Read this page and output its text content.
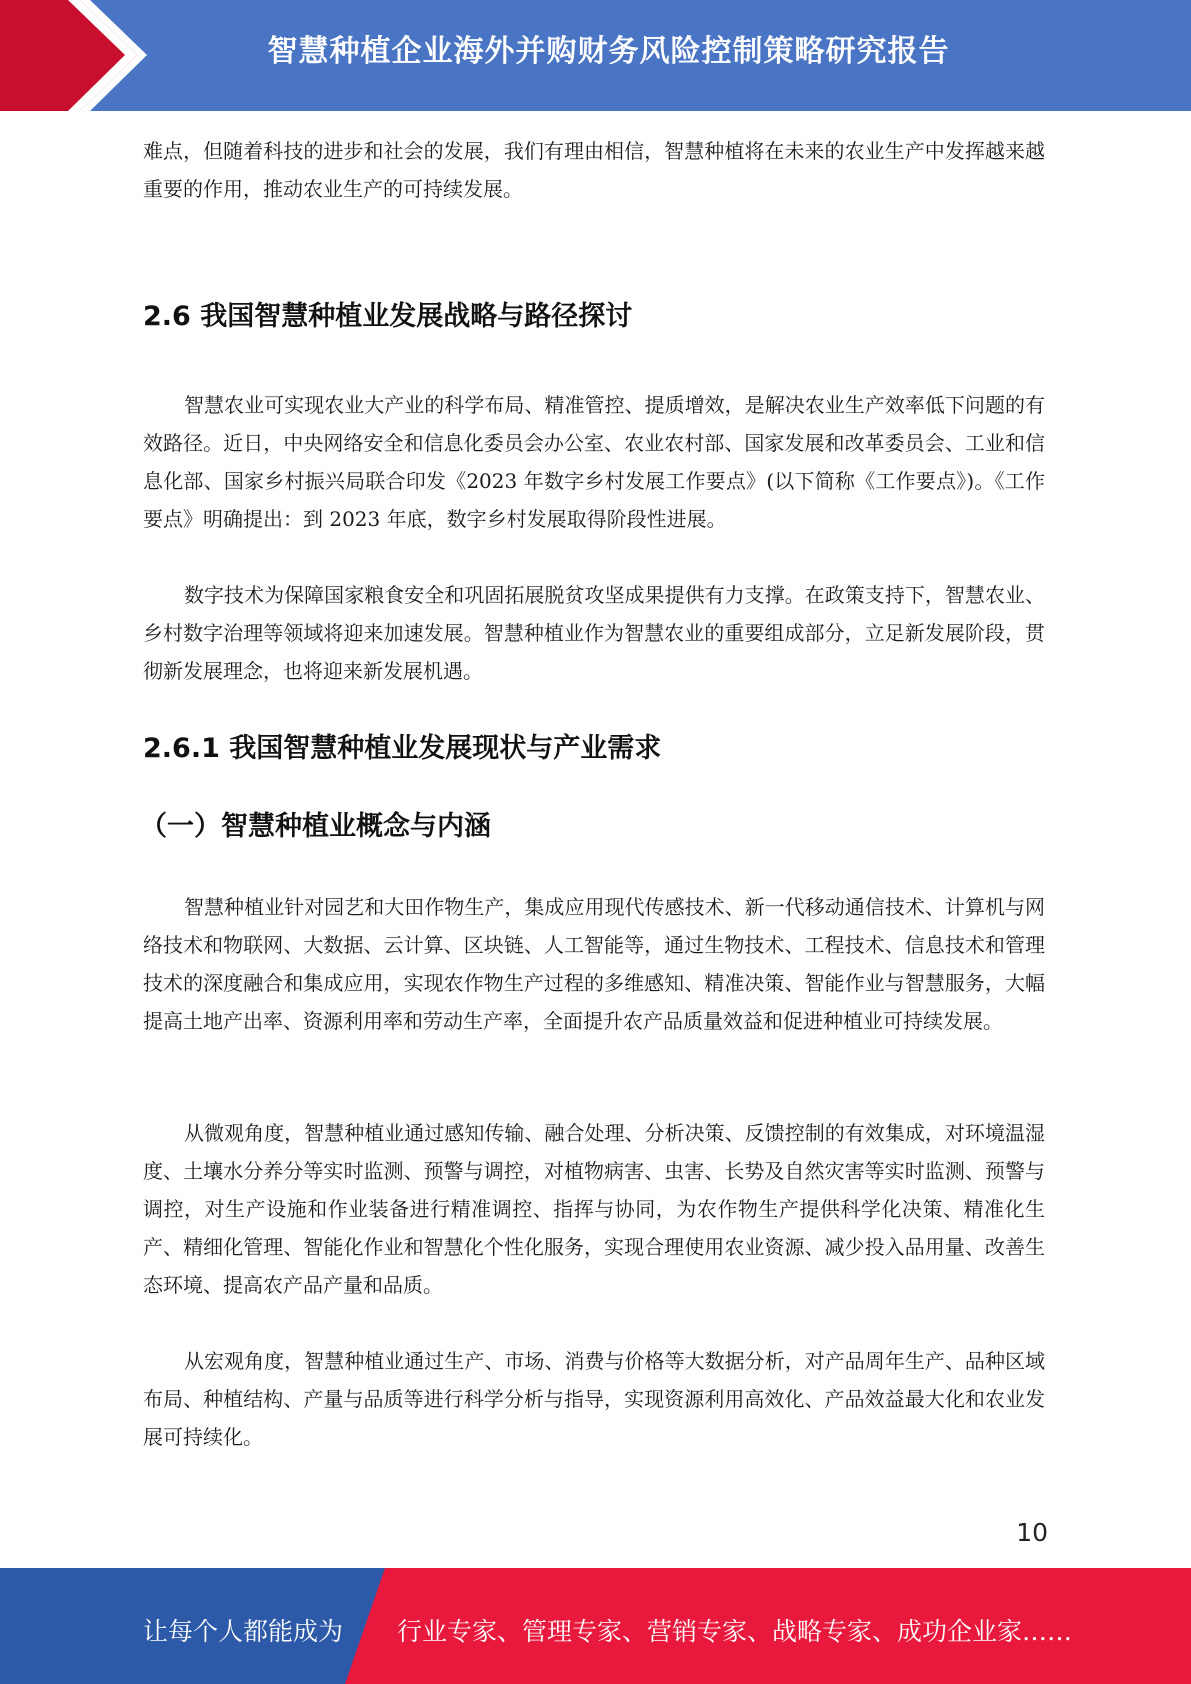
智慧种植企业海外并购财务风险控制策略研究报告

难点，但随着科技的进步和社会的发展，我们有理由相信，智慧种植将在未来的农业生产中发挥越来越重要的作用，推动农业生产的可持续发展。

2.6 我国智慧种植业发展战略与路径探讨

智慧农业可实现农业大产业的科学布局、精准管控、提质增效，是解决农业生产效率低下问题的有效路径。近日，中央网络安全和信息化委员会办公室、农业农村部、国家发展和改革委员会、工业和信息化部、国家乡村振兴局联合印发《2023 年数字乡村发展工作要点》(以下简称《工作要点》)。《工作要点》明确提出：到 2023 年底，数字乡村发展取得阶段性进展。

数字技术为保障国家粮食安全和巩固拓展脱贫攻坚成果提供有力支撑。在政策支持下，智慧农业、乡村数字治理等领域将迎来加速发展。智慧种植业作为智慧农业的重要组成部分，立足新发展阶段，贯彻新发展理念，也将迎来新发展机遇。

2.6.1 我国智慧种植业发展现状与产业需求
（一）智慧种植业概念与内涵

智慧种植业针对园艺和大田作物生产，集成应用现代传感技术、新一代移动通信技术、计算机与网络技术和物联网、大数据、云计算、区块链、人工智能等，通过生物技术、工程技术、信息技术和管理技术的深度融合和集成应用，实现农作物生产过程的多维感知、精准决策、智能作业与智慧服务，大幅提高土地产出率、资源利用率和劳动生产率，全面提升农产品质量效益和促进种植业可持续发展。

从微观角度，智慧种植业通过感知传输、融合处理、分析决策、反馈控制的有效集成，对环境温湿度、土壤水分养分等实时监测、预警与调控，对植物病害、虫害、长势及自然灾害等实时监测、预警与调控，对生产设施和作业装备进行精准调控、指挥与协同，为农作物生产提供科学化决策、精准化生产、精细化管理、智能化作业和智慧化个性化服务，实现合理使用农业资源、减少投入品用量、改善生态环境、提高农产品产量和品质。

从宏观角度，智慧种植业通过生产、市场、消费与价格等大数据分析，对产品周年生产、品种区域布局、种植结构、产量与品质等进行科学分析与指导，实现资源利用高效化、产品效益最大化和农业发展可持续化。

10
让每个人都能成为 行业专家、管理专家、营销专家、战略专家、成功企业家……
